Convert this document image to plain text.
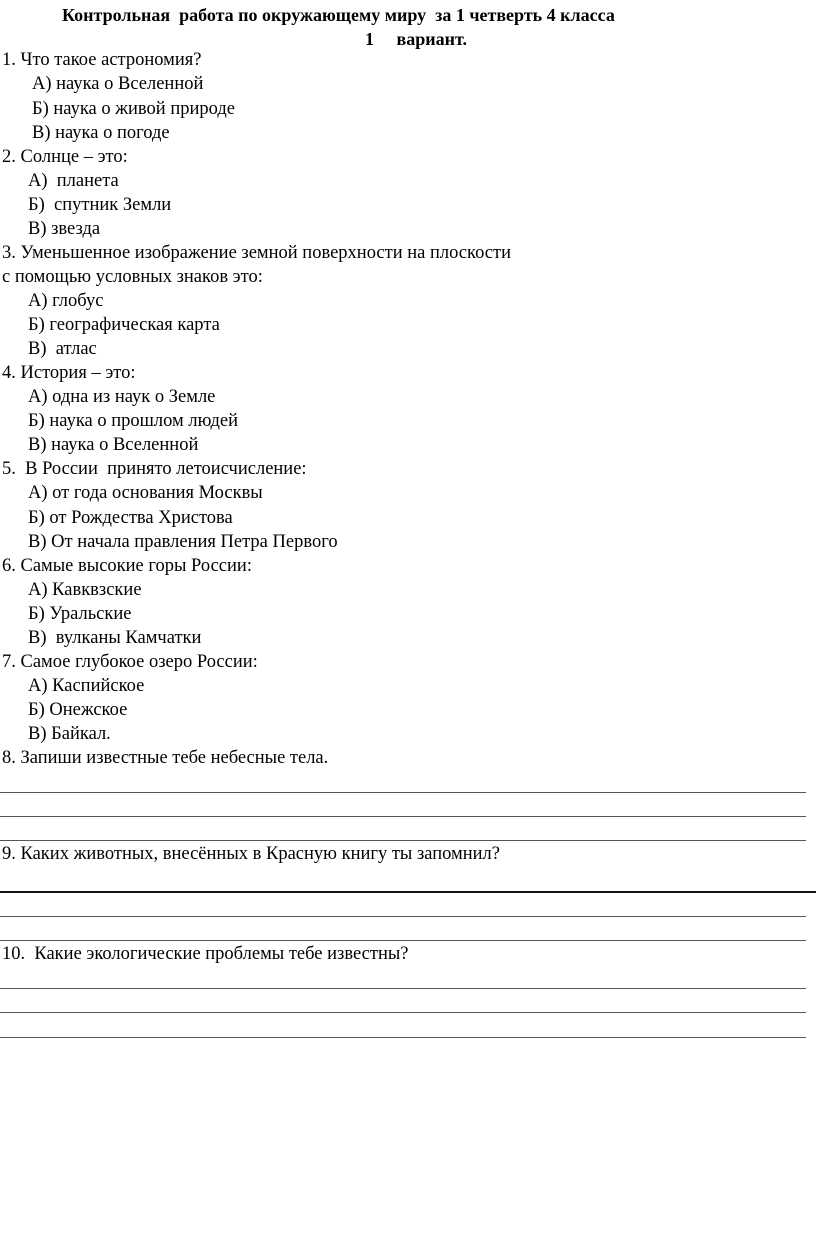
Контрольная  работа по окружающему миру  за 1 четверть 4 класса
1     вариант.
1. Что такое астрономия?
А) наука о Вселенной
Б) наука о живой природе
В) наука о погоде
2. Солнце – это:
А)  планета
Б)  спутник Земли
В) звезда
3. Уменьшенное изображение земной поверхности на плоскости
с помощью условных знаков это:
А) глобус
Б) географическая карта
В)  атлас
4. История – это:
А) одна из наук о Земле
Б) наука о прошлом людей
В) наука о Вселенной
5.  В России  принято летоисчисление:
А) от года основания Москвы
Б) от Рождества Христова
В) От начала правления Петра Первого
6. Самые высокие горы России:
А) Кавквзские
Б) Уральские
В)  вулканы Камчатки
7. Самое глубокое озеро России:
А) Каспийское
Б) Онежское
В) Байкал.
8. Запиши известные тебе небесные тела.
9. Каких животных, внесённых в Красную книгу ты запомнил?
10.  Какие экологические проблемы тебе известны?
